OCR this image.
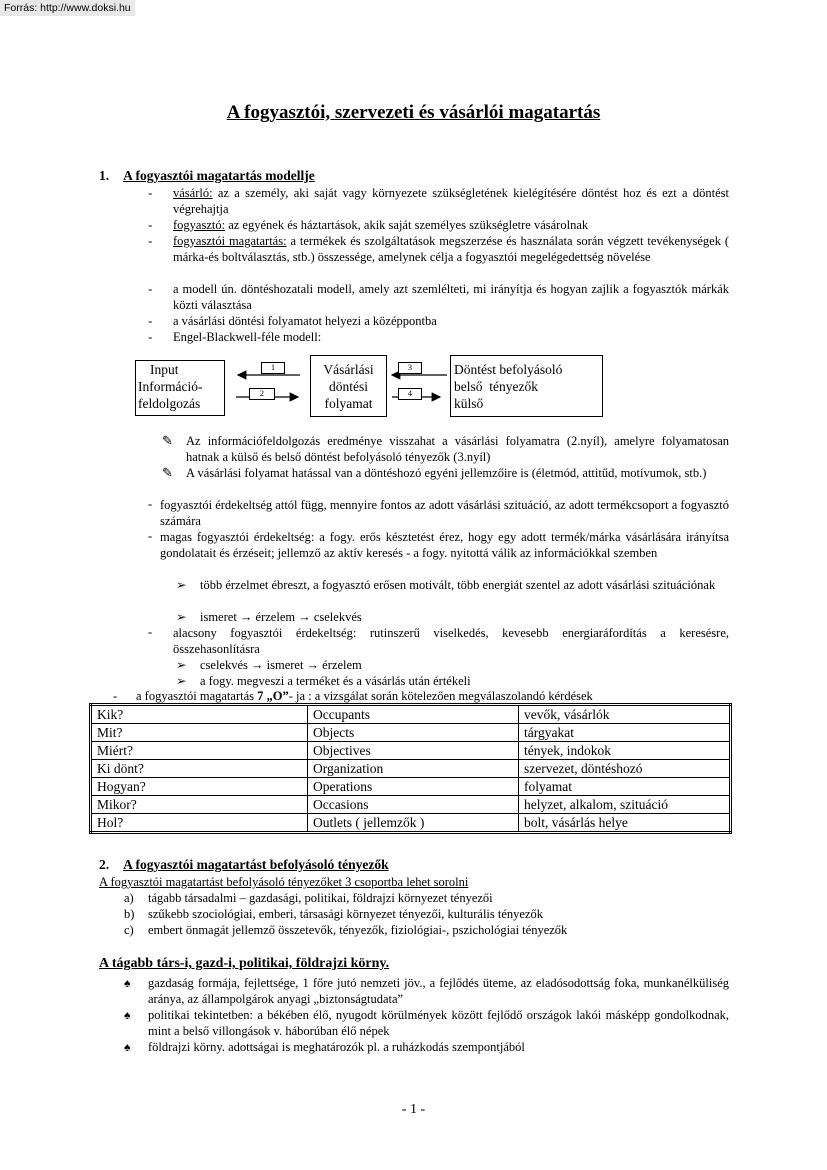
Forrás: http://www.doksi.hu
A fogyasztói, szervezeti és vásárlói magatartás
1. A fogyasztói magatartás modellje
-
-
-
-
-
-
vásárló: az a személy, aki saját vagy környezete szükségletének kielégítésére döntést hoz és ezt a döntést végrehajtja
fogyasztó: az egyének és háztartások, akik saját személyes szükségletre vásárolnak
fogyasztói magatartás: a termékek és szolgáltatások megszerzése és használata során végzett tevékenységek ( márka-és boltválasztás, stb.) összessége, amelynek célja a fogyasztói megelégedettség növelése
a modell ún. döntéshozatali modell, amely azt szemlélteti, mi irányítja és hogyan zajlik a fogyasztók márkák közti választása
a vásárlási döntési folyamatot helyezi a középpontba
Engel-Blackwell-féle modell:
Input
Információ-
feldolgozás
Vásárlási
döntési
folyamat
Döntést befolyásoló
belső  tényezők
külső
1
2
3
4
✎ Az információfeldolgozás eredménye visszahat a vásárlási folyamatra (2.nyíl), amelyre folyamatosan hatnak a külső és belső döntést befolyásoló tényezők (3.nyíl)
✎ A vásárlási folyamat hatással van a döntéshozó egyéni jellemzőire is (életmód, attitűd, motívumok, stb.)
- fogyasztói érdekeltség attól függ, mennyire fontos az adott vásárlási szituáció, az adott termékcsoport a fogyasztó számára
- magas fogyasztói érdekeltség: a fogy. erős késztetést érez, hogy egy adott termék/márka vásárlására irányítsa gondolatait és érzéseit; jellemző az aktív keresés - a fogy. nyitottá válik az információkkal szemben
➢ több érzelmet ébreszt, a fogyasztó erősen motivált, több energiát szentel az adott vásárlási szituációnak
➢ ismeret → érzelem → cselekvés
- alacsony fogyasztói érdekeltség: rutinszerű viselkedés, kevesebb energiaráfordítás a keresésre, összehasonlításra
➢ cselekvés → ismeret → érzelem
➢ a fogy. megveszi a terméket és a vásárlás után értékeli
- a fogyasztói magatartás 7 „O”- ja : a vizsgálat során kötelezően megválaszolandó kérdések
Kik?	Occupants	vevők, vásárlók
Mit?	Objects	tárgyakat
Miért?	Objectives	tények, indokok
Ki dönt?	Organization	szervezet, döntéshozó
Hogyan?	Operations	folyamat
Mikor?	Occasions	helyzet, alkalom, szituáció
Hol?	Outlets ( jellemzők )	bolt, vásárlás helye
2. A fogyasztói magatartást befolyásoló tényezők
A fogyasztói magatartást befolyásoló tényezőket 3 csoportba lehet sorolni
a) tágabb társadalmi – gazdasági, politikai, földrajzi környezet tényezői
b) szűkebb szociológiai, emberi, társasági környezet tényezői, kulturális tényezők
c) embert önmagát jellemző összetevők, tényezők, fiziológiai-, pszichológiai tényezők
A tágabb társ-i, gazd-i, politikai, földrajzi körny.
♠ gazdaság formája, fejlettsége, 1 főre jutó nemzeti jöv., a fejlődés üteme, az eladósodottság foka, munkanélküliség aránya, az állampolgárok anyagi „biztonságtudata”
♠ politikai tekintetben: a békében élő, nyugodt körülmények között fejlődő országok lakói másképp gondolkodnak, mint a belső villongások v. háborúban élő népek
♠ földrajzi körny. adottságai is meghatározók pl. a ruházkodás szempontjából
- 1 -
